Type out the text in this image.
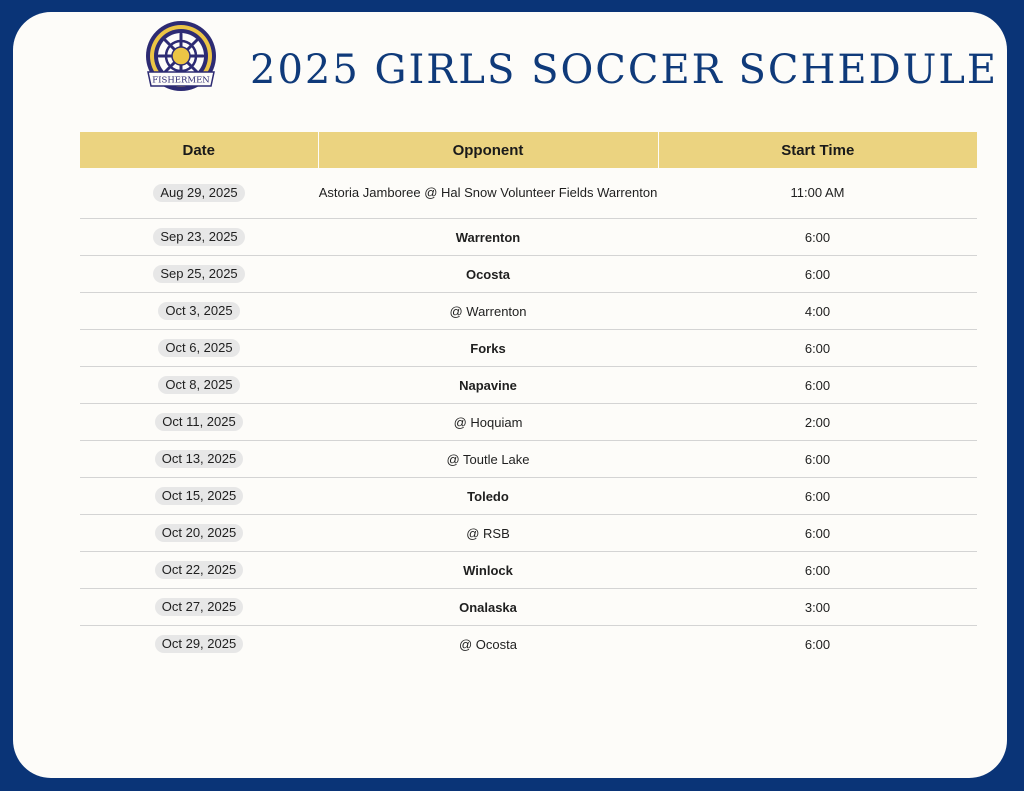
FISHERMEN 2025 GIRLS SOCCER SCHEDULE
Date	Opponent	Start Time
Aug 29, 2025	Astoria Jamboree @ Hal Snow Volunteer Fields Warrenton	11:00 AM
Sep 23, 2025	Warrenton	6:00
Sep 25, 2025	Ocosta	6:00
Oct 3, 2025	@ Warrenton	4:00
Oct 6, 2025	Forks	6:00
Oct 8, 2025	Napavine	6:00
Oct 11, 2025	@ Hoquiam	2:00
Oct 13, 2025	@ Toutle Lake	6:00
Oct 15, 2025	Toledo	6:00
Oct 20, 2025	@ RSB	6:00
Oct 22, 2025	Winlock	6:00
Oct 27, 2025	Onalaska	3:00
Oct 29, 2025	@ Ocosta	6:00
